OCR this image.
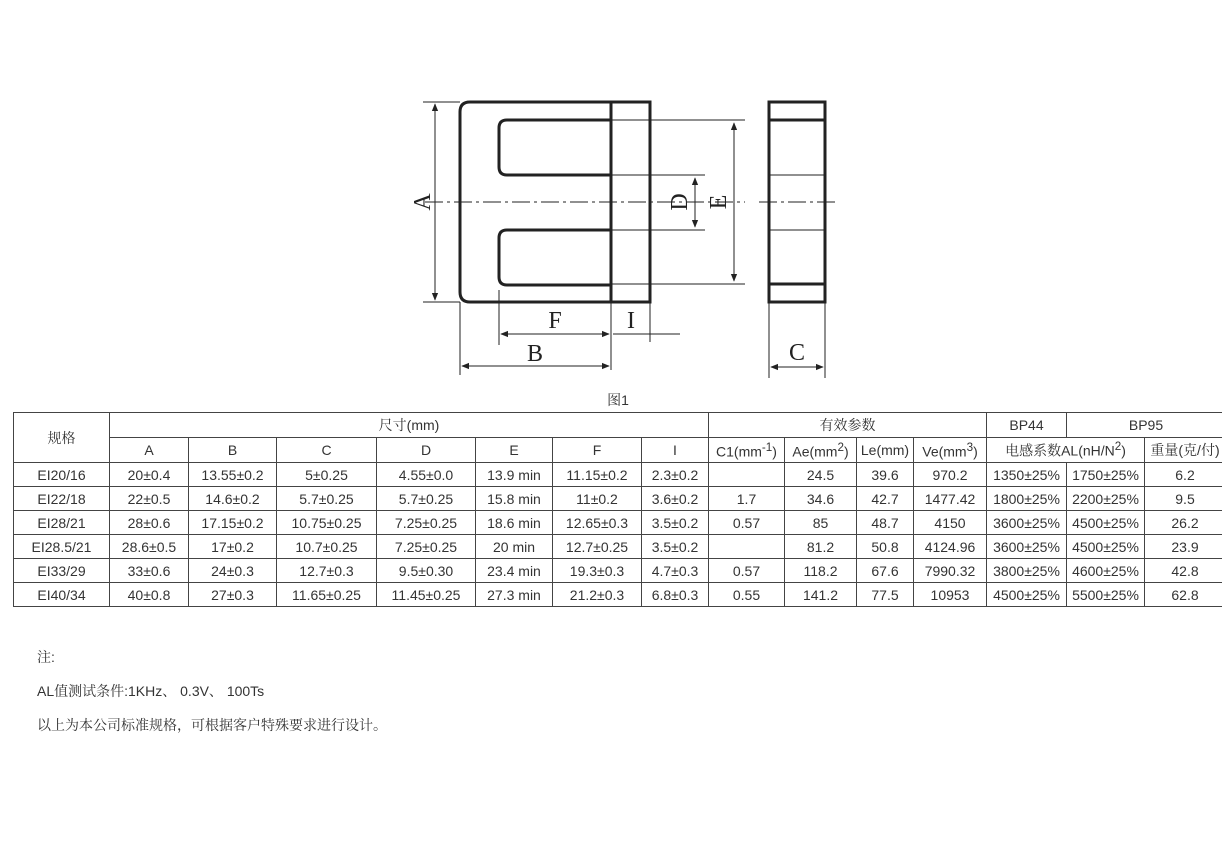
A	D E
F	I
B	C
图1
规格	尺寸(mm)							有效参数				BP44	BP95	
	A	B	C	D	E	F	I	$C1(mm^{-1})$	$Ae(mm^2)$	Le(mm)	$Ve(mm^3)$	电感系数$AL(nH/N^2)$		重量(克/付)
EI20/16	20±0.4	13.55±0.2	5±0.25	4.55±0.0	13.9 min	11.15±0.2	2.3±0.2		24.5	39.6	970.2	1350±25%	1750±25%	6.2
EI22/18	22±0.5	14.6±0.2	5.7±0.25	5.7±0.25	15.8 min	11±0.2	3.6±0.2	1.7	34.6	42.7	1477.42	1800±25%	2200±25%	9.5
EI28/21	28±0.6	17.15±0.2	10.75±0.25	7.25±0.25	18.6 min	12.65±0.3	3.5±0.2	0.57	85	48.7	4150	3600±25%	4500±25%	26.2
EI28.5/21	28.6±0.5	17±0.2	10.7±0.25	7.25±0.25	20 min	12.7±0.25	3.5±0.2		81.2	50.8	4124.96	3600±25%	4500±25%	23.9
EI33/29	33±0.6	24±0.3	12.7±0.3	9.5±0.30	23.4 min	19.3±0.3	4.7±0.3	0.57	118.2	67.6	7990.32	3800±25%	4600±25%	42.8
EI40/34	40±0.8	27±0.3	11.65±0.25	11.45±0.25	27.3 min	21.2±0.3	6.8±0.3	0.55	141.2	77.5	10953	4500±25%	5500±25%	62.8

注:

AL值测试条件:1KHz、 0.3V、 100Ts

以上为本公司标准规格，可根据客户特殊要求进行设计。
